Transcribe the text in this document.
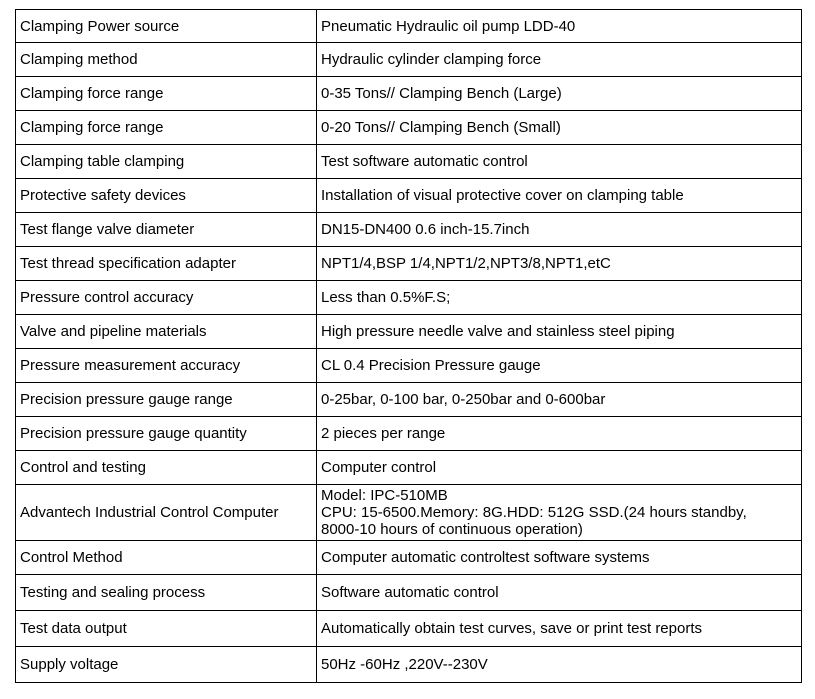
Clamping Power source	Pneumatic Hydraulic oil pump LDD-40
Clamping method	Hydraulic cylinder clamping force
Clamping force range	0-35 Tons// Clamping Bench (Large)
Clamping force range	0-20 Tons// Clamping Bench (Small)
Clamping table clamping	Test software automatic control
Protective safety devices	Installation of visual protective cover on clamping table
Test flange valve diameter	DN15-DN400 0.6 inch-15.7inch
Test thread specification adapter	NPT1/4,BSP 1/4,NPT1/2,NPT3/8,NPT1,etC
Pressure control accuracy	Less than 0.5%F.S;
Valve and pipeline materials	High pressure needle valve and stainless steel piping
Pressure measurement accuracy	CL 0.4 Precision Pressure gauge
Precision pressure gauge range	0-25bar, 0-100 bar, 0-250bar and 0-600bar
Precision pressure gauge quantity	2 pieces per range
Control and testing	Computer control
Advantech Industrial Control Computer	Model: IPC-510MB
CPU: 15-6500.Memory: 8G.HDD: 512G SSD.(24 hours standby,
8000-10 hours of continuous operation)

Control Method	Computer automatic controltest software systems
Testing and sealing process	Software automatic control
Test data output	Automatically obtain test curves, save or print test reports
Supply voltage	50Hz -60Hz ,220V--230V
